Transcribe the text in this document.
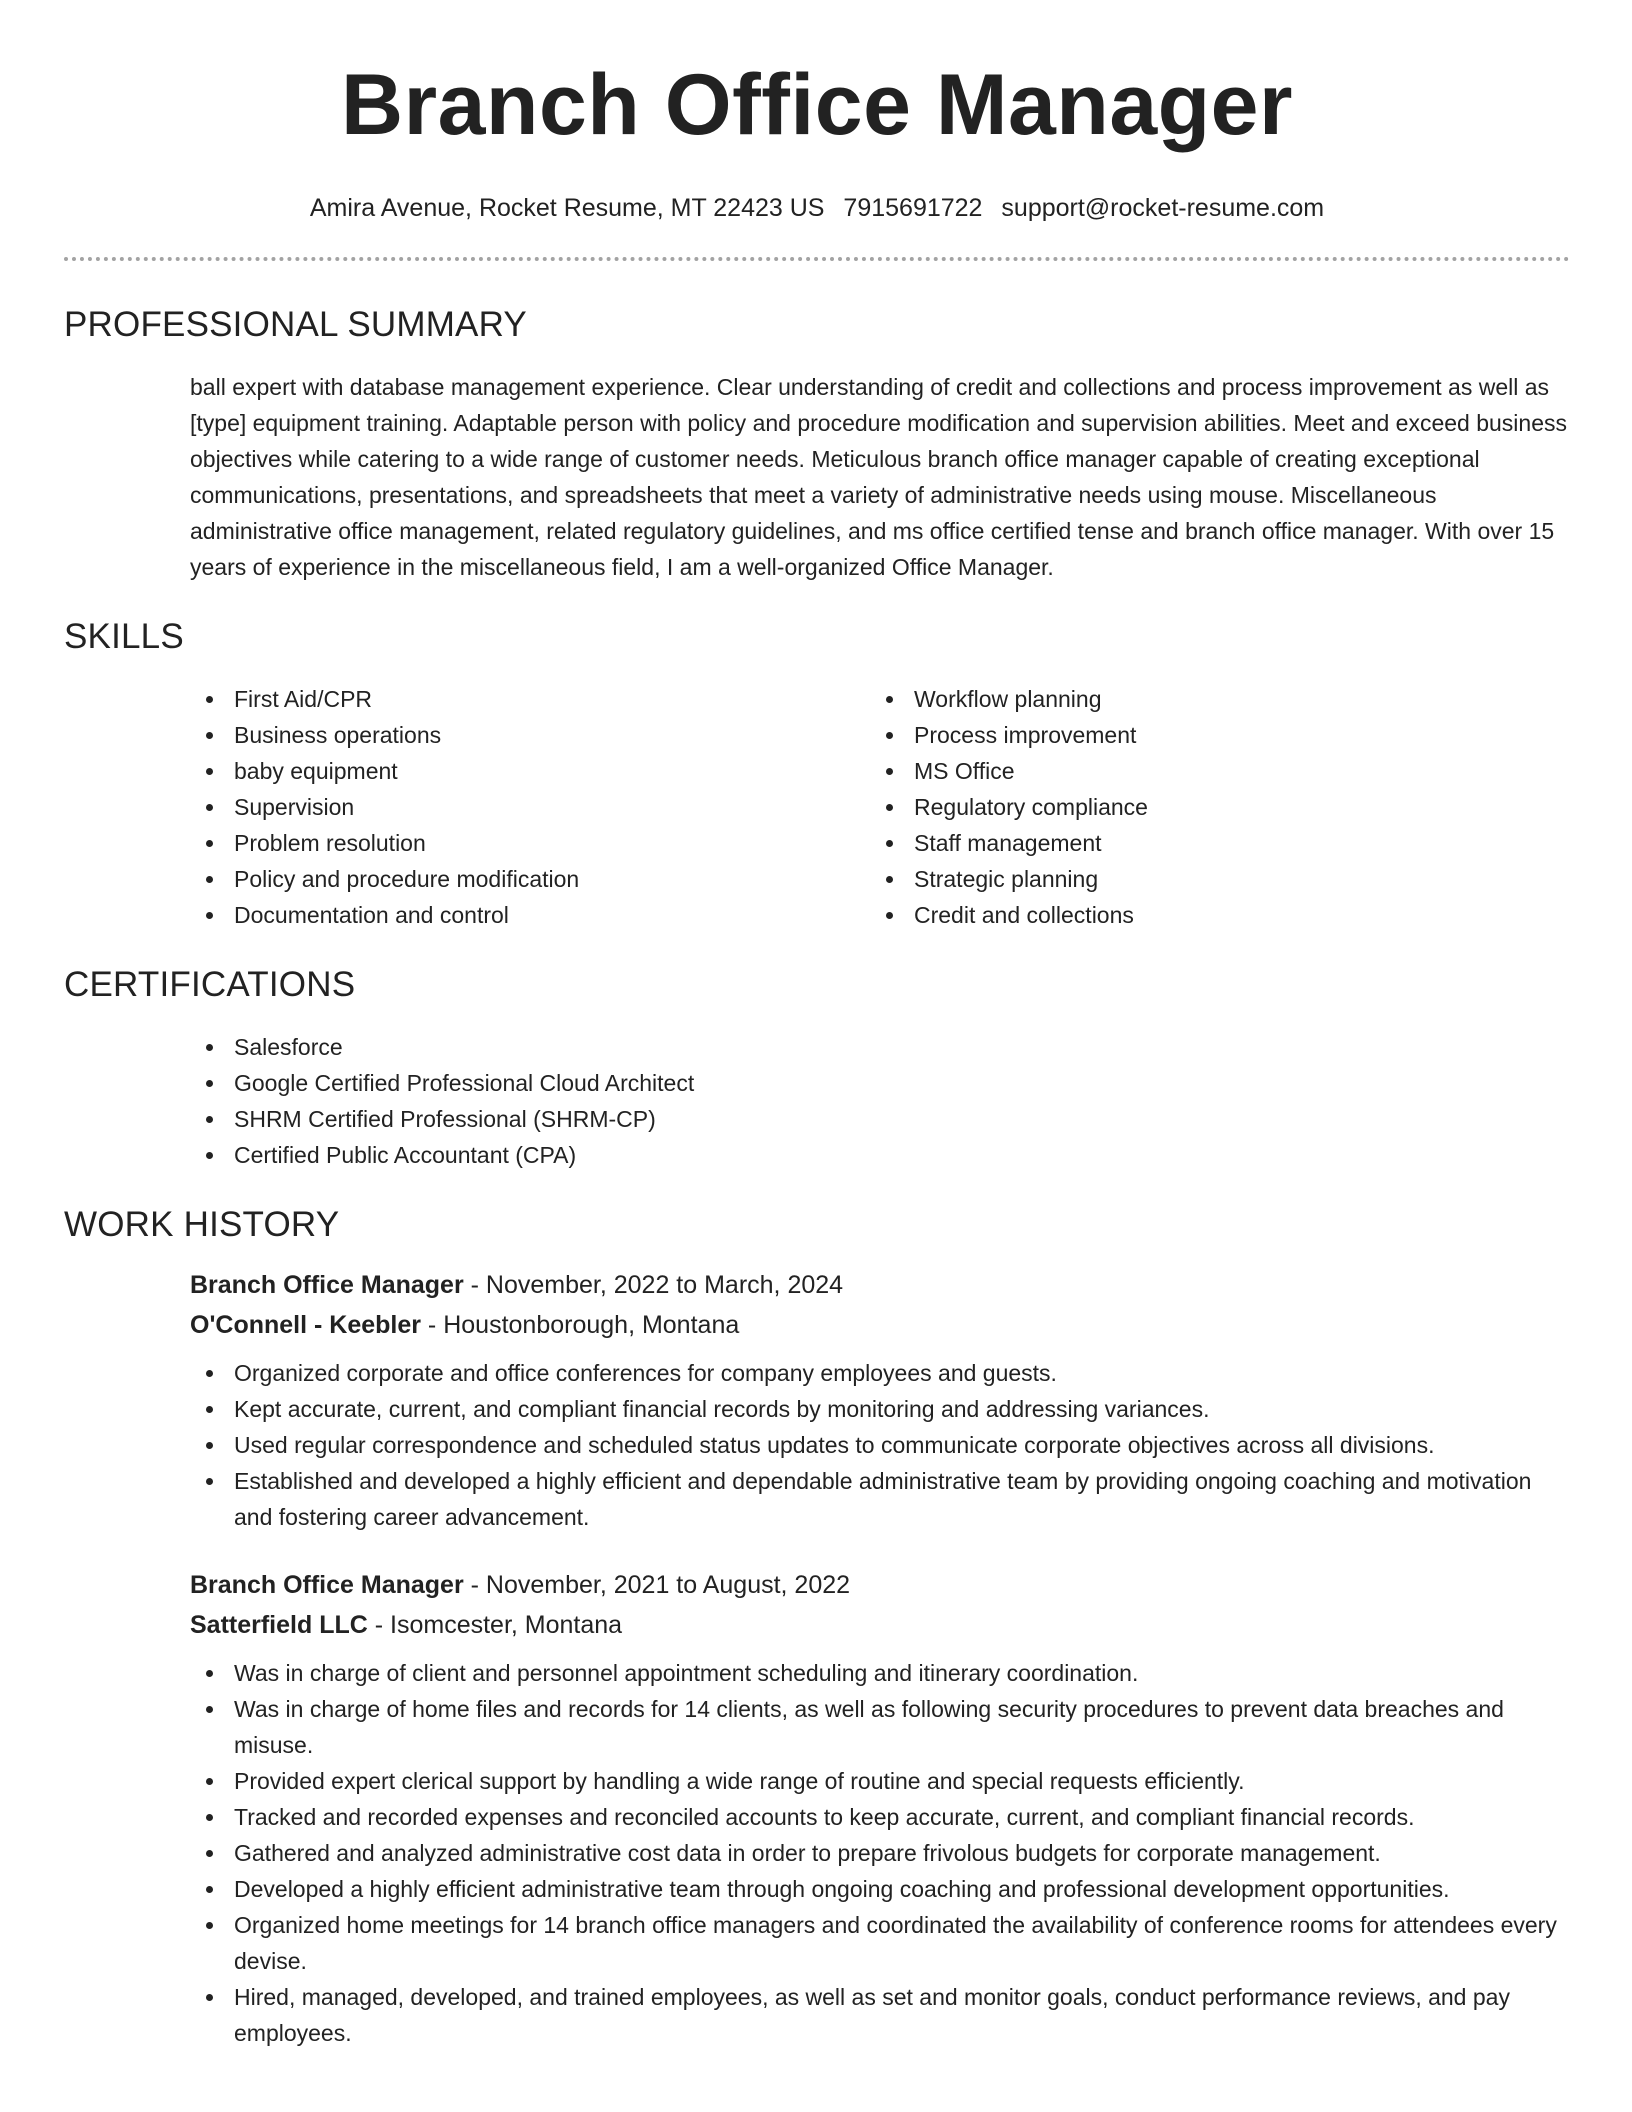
Branch Office Manager
Amira Avenue, Rocket Resume, MT 22423 US 7915691722 support@rocket-resume.com
PROFESSIONAL SUMMARY

ball expert with database management experience. Clear understanding of credit and collections and process improvement as well as [type] equipment training. Adaptable person with policy and procedure modification and supervision abilities. Meet and exceed business objectives while catering to a wide range of customer needs. Meticulous branch office manager capable of creating exceptional communications, presentations, and spreadsheets that meet a variety of administrative needs using mouse. Miscellaneous administrative office management, related regulatory guidelines, and ms office certified tense and branch office manager. With over 15 years of experience in the miscellaneous field, I am a well-organized Office Manager.

SKILLS
First Aid/CPR
Business operations
baby equipment
Supervision
Problem resolution
Policy and procedure modification
Documentation and control
Workflow planning
Process improvement
MS Office
Regulatory compliance
Staff management
Strategic planning
Credit and collections
CERTIFICATIONS
Salesforce
Google Certified Professional Cloud Architect
SHRM Certified Professional (SHRM-CP)
Certified Public Accountant (CPA)
WORK HISTORY
Branch Office Manager - November, 2022 to March, 2024
O'Connell - Keebler - Houstonborough, Montana
Organized corporate and office conferences for company employees and guests.
Kept accurate, current, and compliant financial records by monitoring and addressing variances.
Used regular correspondence and scheduled status updates to communicate corporate objectives across all divisions.
Established and developed a highly efficient and dependable administrative team by providing ongoing coaching and motivation and fostering career advancement.
Branch Office Manager - November, 2021 to August, 2022
Satterfield LLC - Isomcester, Montana
Was in charge of client and personnel appointment scheduling and itinerary coordination.
Was in charge of home files and records for 14 clients, as well as following security procedures to prevent data breaches and misuse.
Provided expert clerical support by handling a wide range of routine and special requests efficiently.
Tracked and recorded expenses and reconciled accounts to keep accurate, current, and compliant financial records.
Gathered and analyzed administrative cost data in order to prepare frivolous budgets for corporate management.
Developed a highly efficient administrative team through ongoing coaching and professional development opportunities.
Organized home meetings for 14 branch office managers and coordinated the availability of conference rooms for attendees every devise.
Hired, managed, developed, and trained employees, as well as set and monitor goals, conduct performance reviews, and pay employees.
